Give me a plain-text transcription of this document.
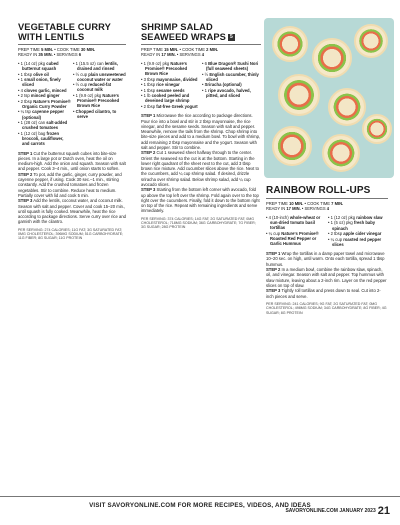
VEGETABLE CURRY
WITH LENTILS
PREP TIME 5 MIN. • COOK TIME 30 MIN.
READY IN 35 MIN. • SERVINGS 6
• 1 (14 oz) pkg cubed butternut squash
• 1 tbsp olive oil
• 1 small onion, finely sliced
• 4 cloves garlic, minced
• 2 tsp minced ginger
• 2 tbsp Nature's Promise® Organic Curry Powder
• ¼ tsp cayenne pepper (optional)
• 1 (28 oz) can salt-added crushed tomatoes
• 1 (12 oz) bag frozen broccoli, cauliflower, and carrots
• 1 (15.5 oz) can lentils, drained and rinsed
• ½ cup plain unsweetened coconut water or water
• ½ cup reduced-fat coconut milk
• 1 (9.9 oz) pkg Nature's Promise® Precooked Brown Rice
• Chopped cilantro, to serve

STEP 1 Cut the butternut squash cubes into bite-size pieces. In a large pot or Dutch oven, heat the oil on medium-high. Add the onion and squash. Season with salt and pepper. Cook 3–4 min., until onion starts to soften.

STEP 2 To pot, add the garlic, ginger, curry powder, and cayenne pepper, if using. Cook 30 sec.–1 min., stirring constantly. Add the crushed tomatoes and frozen vegetables. Stir to combine. Reduce heat to medium. Partially cover with lid and cook 5 min.

STEP 3 Add the lentils, coconut water, and coconut milk. Season with salt and pepper. Cover and cook 15–20 min., until squash is fully cooked. Meanwhile, heat the rice according to package directions. Serve curry over rice and garnish with the cilantro.

PER SERVING: 274 CALORIES; 11G FAT; 3G SATURATED FAT; 0MG CHOLESTEROL; 396MG SODIUM; 51G CARBOHYDRATE; 11G FIBER; 8G SUGAR; 11G PROTEIN

SHRIMP SALAD
SEAWEED WRAPS 5
PREP TIME 15 MIN. • COOK TIME 2 MIN.
READY IN 17 MIN. • SERVINGS 4
• 1 (9.9 oz) pkg Nature's Promise® Precooked Brown Rice
• 3 tbsp mayonnaise, divided
• 1 tbsp rice vinegar
• 1 tbsp sesame seeds
• 1 lb cooked peeled and deveined large shrimp
• 2 tbsp fat-free Greek yogurt
• 6 Blue Dragon® Sushi Nori (full seaweed sheets)
• ½ English cucumber, thinly sliced
• Sriracha (optional)
• 1 ripe avocado, halved, pitted, and sliced

STEP 1 Microwave the rice according to package directions. Pour rice into a bowl and stir in 2 tbsp mayonnaise, the rice vinegar, and the sesame seeds. Season with salt and pepper. Meanwhile, remove the tails from the shrimp. Chop shrimp into bite-size pieces and add to a medium bowl. To bowl with shrimp, add remaining 2 tbsp mayonnaise and the yogurt. Season with salt and pepper. Stir to combine.

STEP 2 Cut 1 seaweed sheet halfway through to the center. Orient the seaweed so the cut is at the bottom. Starting in the lower right quadrant of the sheet next to the cut, add 3 tbsp brown rice mixture. Add cucumber slices above the rice. Next to the cucumbers, add ¼ cup shrimp salad. If desired, drizzle sriracha over shrimp salad. Below shrimp salad, add ¼ cup avocado slices.

STEP 3 Starting from the bottom left corner with avocado, fold up above the top left over the shrimp. Fold again over to the top right over the cucumbers. Finally, fold it down to the bottom right on top of the rice. Repeat with remaining ingredients and serve immediately.

PER SERVING: 374 CALORIES; 14G FAT; 2G SATURATED FAT; 0MG CHOLESTEROL; 718MG SODIUM; 36G CARBOHYDRATE; 7G FIBER; 3G SUGAR; 28G PROTEIN

RAINBOW ROLL-UPS
PREP TIME 10 MIN. • COOK TIME 7 MIN.
READY IN 17 MIN. • SERVINGS 4
• 4 (10-inch) whole-wheat or sun-dried tomato basil tortillas
• ¼ cup Nature's Promise® Roasted Red Pepper or Garlic Hummus
• 1 (12 oz) pkg rainbow slaw
• 1 (5 oz) pkg fresh baby spinach
• 2 tbsp apple cider vinegar
• ¼ cup roasted red pepper slices

STEP 1 Wrap the tortillas in a damp paper towel and microwave 10–20 sec. on high, until warm. Onto each tortilla, spread 1 tbsp hummus.

STEP 2 In a medium bowl, combine the rainbow slaw, spinach, oil, and vinegar. Season with salt and pepper. Top hummus with slaw mixture, leaving about a 2-inch rim. Layer on the red pepper slices on top of slaw.

STEP 3 Tightly roll tortillas and press down to seal. Cut into 2-inch pieces and serve.

PER SERVING: 241 CALORIES; 9G FAT; 2G SATURATED FAT; 0MG CHOLESTEROL; 498MG SODIUM; 34G CARBOHYDRATE; 8G FIBER; 4G SUGAR; 8G PROTEIN

VISIT SAVORYONLINE.COM FOR MORE RECIPES, VIDEOS, AND IDEAS
SAVORYONLINE.COM JANUARY 2023 21
